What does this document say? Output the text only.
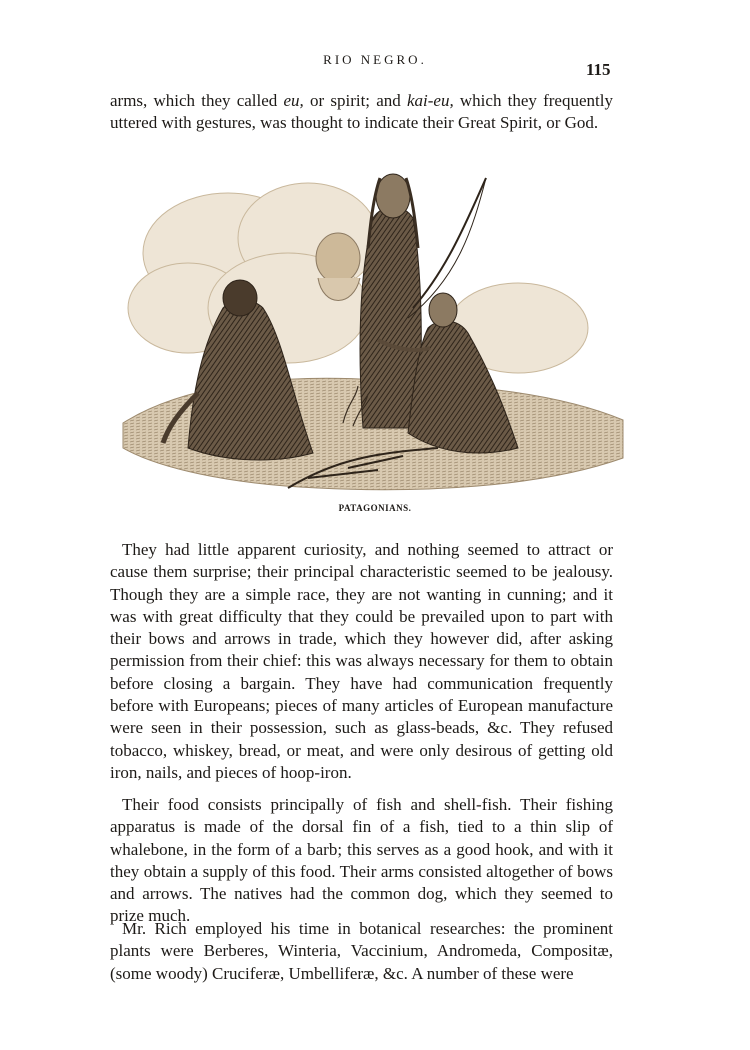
RIO NEGRO.
115

arms, which they called eu, or spirit; and kai-eu, which they frequently uttered with gestures, was thought to indicate their Great Spirit, or God.

PATAGONIANS.

They had little apparent curiosity, and nothing seemed to attract or cause them surprise; their principal characteristic seemed to be jealousy. Though they are a simple race, they are not wanting in cunning; and it was with great difficulty that they could be prevailed upon to part with their bows and arrows in trade, which they however did, after asking permission from their chief: this was always necessary for them to obtain before closing a bargain. They have had communication frequently before with Europeans; pieces of many articles of European manufacture were seen in their possession, such as glass-beads, &c. They refused tobacco, whiskey, bread, or meat, and were only desirous of getting old iron, nails, and pieces of hoop-iron.

Their food consists principally of fish and shell-fish. Their fishing apparatus is made of the dorsal fin of a fish, tied to a thin slip of whalebone, in the form of a barb; this serves as a good hook, and with it they obtain a supply of this food. Their arms consisted altogether of bows and arrows. The natives had the common dog, which they seemed to prize much.

Mr. Rich employed his time in botanical researches: the prominent plants were Berberes, Winteria, Vaccinium, Andromeda, Compositæ, (some woody) Cruciferæ, Umbelliferæ, &c. A number of these were
